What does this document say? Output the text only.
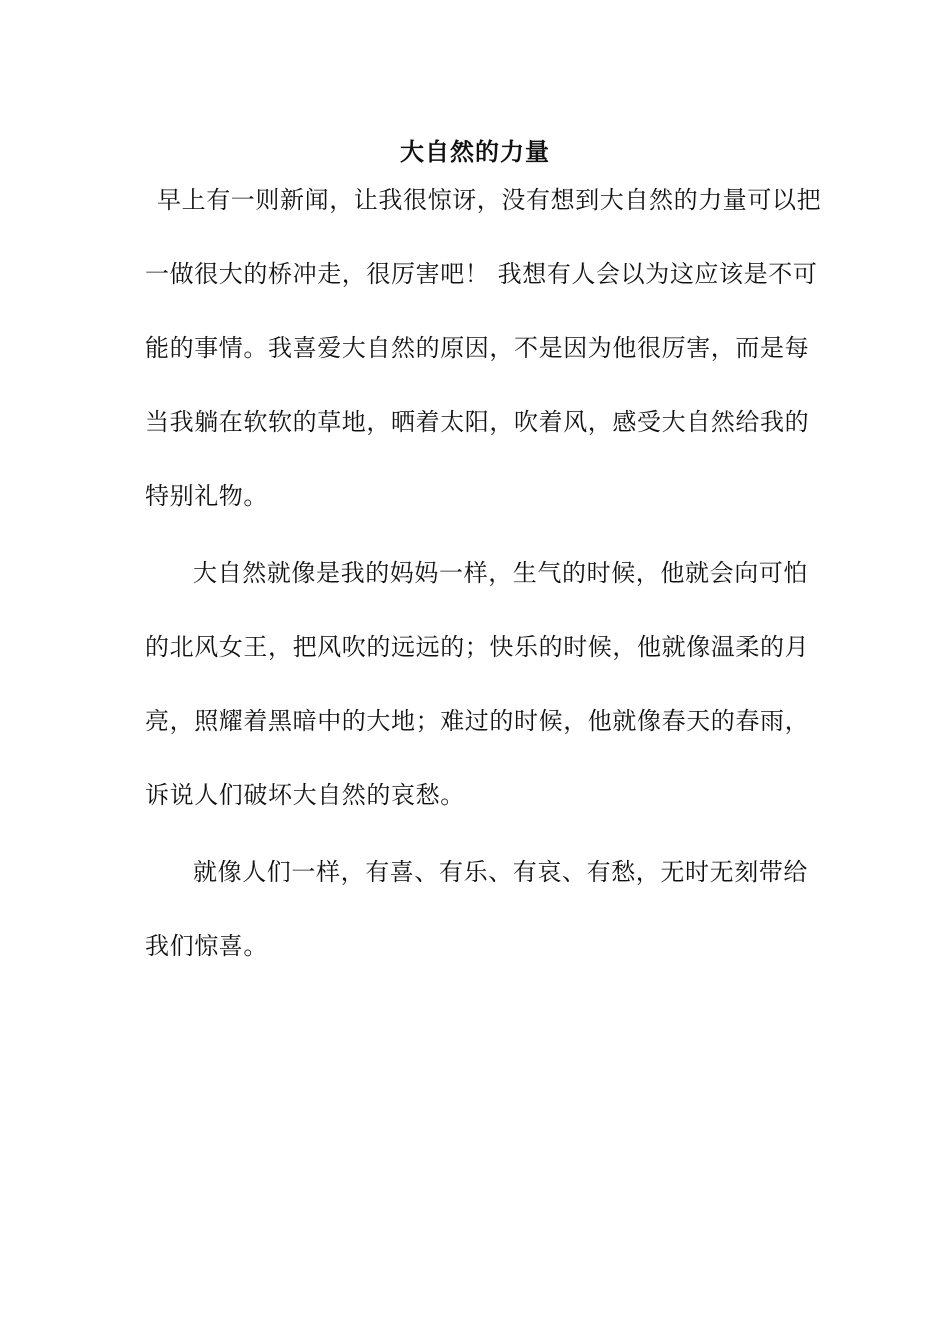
大自然的力量
早上有一则新闻，让我很惊讶，没有想到大自然的力量可以把
一做很大的桥冲走，很厉害吧！ 我想有人会以为这应该是不可
能的事情。我喜爱大自然的原因，不是因为他很厉害，而是每
当我躺在软软的草地，晒着太阳，吹着风，感受大自然给我的
特别礼物。
大自然就像是我的妈妈一样，生气的时候，他就会向可怕
的北风女王，把风吹的远远的；快乐的时候，他就像温柔的月
亮，照耀着黑暗中的大地；难过的时候，他就像春天的春雨，
诉说人们破坏大自然的哀愁。
就像人们一样，有喜、有乐、有哀、有愁，无时无刻带给
我们惊喜。
